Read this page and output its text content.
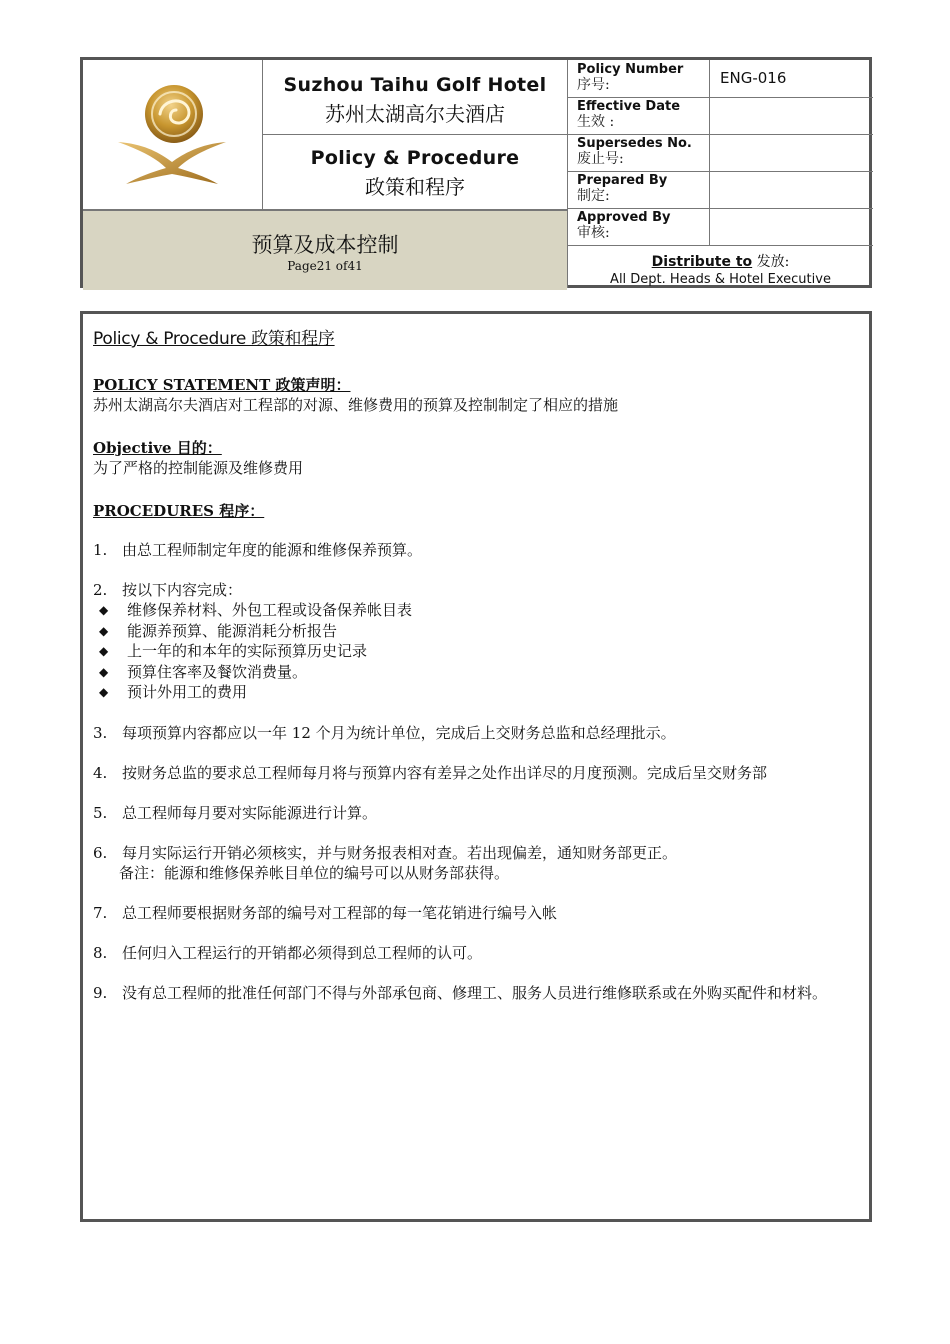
Suzhou Taihu Golf Hotel
苏州太湖高尔夫酒店
Policy & Procedure
政策和程序
预算及成本控制
Page21 of41
Policy Number
序号:	ENG-016
Effective Date
生效 :
Supersedes No.
废止号:
Prepared By
制定:
Approved By
审核:
Distribute to 发放:
All Dept. Heads & Hotel Executive
Policy & Procedure 政策和程序
POLICY STATEMENT 政策声明：
苏州太湖高尔夫酒店对工程部的对源、维修费用的预算及控制制定了相应的措施
Objective 目的：
为了严格的控制能源及维修费用
PROCEDURES 程序：
1. 由总工程师制定年度的能源和维修保养预算。
2. 按以下内容完成：
◆ 维修保养材料、外包工程或设备保养帐目表
◆ 能源养预算、能源消耗分析报告
◆ 上一年的和本年的实际预算历史记录
◆ 预算住客率及餐饮消费量。
◆ 预计外用工的费用
3. 每项预算内容都应以一年 12 个月为统计单位，完成后上交财务总监和总经理批示。
4. 按财务总监的要求总工程师每月将与预算内容有差异之处作出详尽的月度预测。完成后呈交财务部
5. 总工程师每月要对实际能源进行计算。
6. 每月实际运行开销必须核实，并与财务报表相对查。若出现偏差，通知财务部更正。
备注：能源和维修保养帐目单位的编号可以从财务部获得。
7. 总工程师要根据财务部的编号对工程部的每一笔花销进行编号入帐
8. 任何归入工程运行的开销都必须得到总工程师的认可。
9. 没有总工程师的批准任何部门不得与外部承包商、修理工、服务人员进行维修联系或在外购买配件和材料。
